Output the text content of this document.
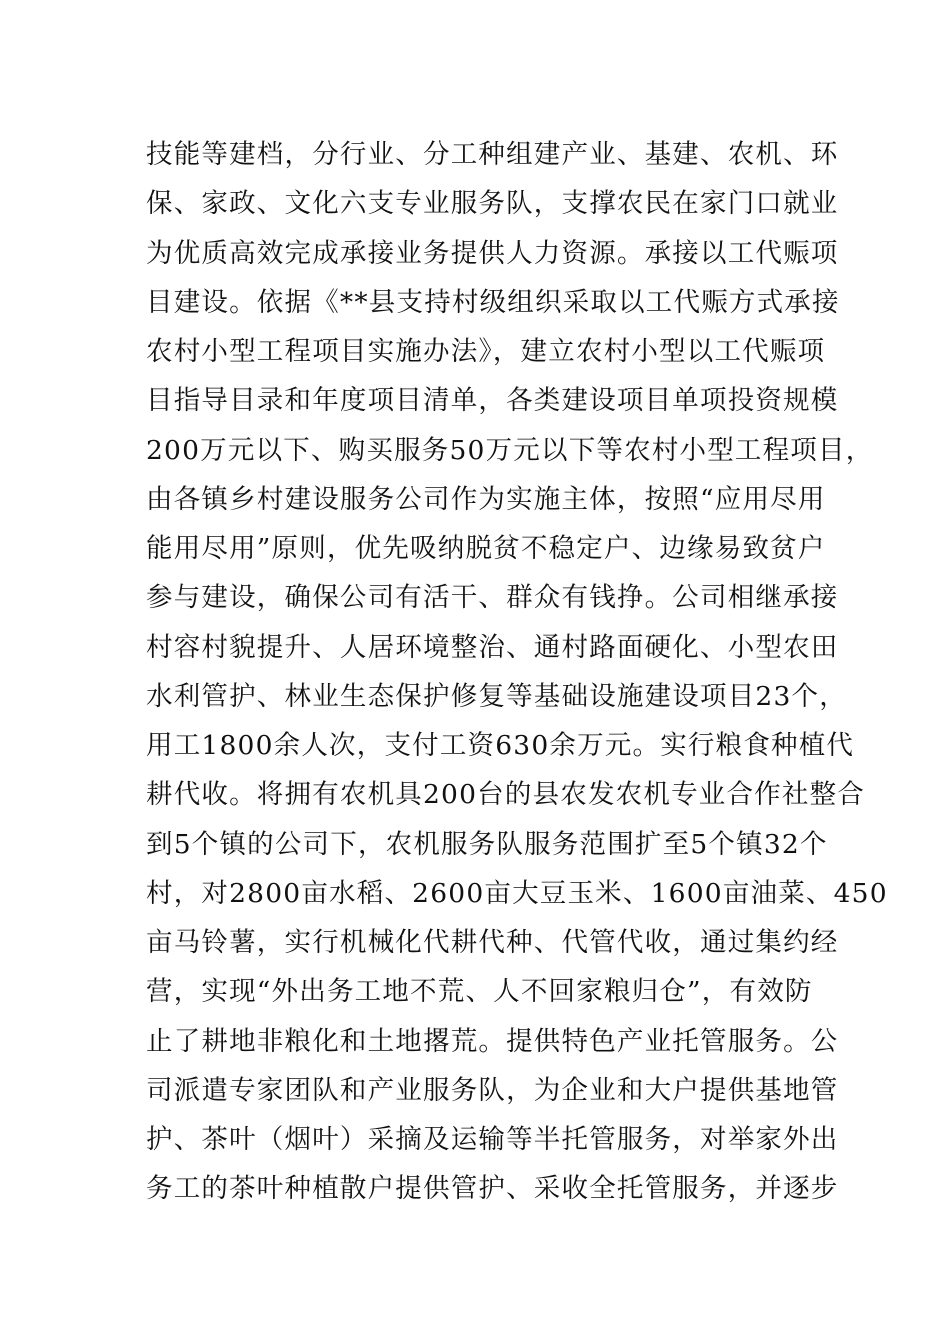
技能等建档，分行业、分工种组建产业、基建、农机、环
保、家政、文化六支专业服务队，支撑农民在家门口就业
为优质高效完成承接业务提供人力资源。承接以工代赈项
目建设。依据《**县支持村级组织采取以工代赈方式承接
农村小型工程项目实施办法》，建立农村小型以工代赈项
目指导目录和年度项目清单，各类建设项目单项投资规模
200万元以下、购买服务50万元以下等农村小型工程项目，
由各镇乡村建设服务公司作为实施主体，按照“应用尽用
能用尽用”原则，优先吸纳脱贫不稳定户、边缘易致贫户
参与建设，确保公司有活干、群众有钱挣。公司相继承接
村容村貌提升、人居环境整治、通村路面硬化、小型农田
水利管护、林业生态保护修复等基础设施建设项目23个，
用工1800余人次，支付工资630余万元。实行粮食种植代
耕代收。将拥有农机具200台的县农发农机专业合作社整合
到5个镇的公司下，农机服务队服务范围扩至5个镇32个
村，对2800亩水稻、2600亩大豆玉米、1600亩油菜、450
亩马铃薯，实行机械化代耕代种、代管代收，通过集约经
营，实现“外出务工地不荒、人不回家粮归仓”，有效防
止了耕地非粮化和土地撂荒。提供特色产业托管服务。公
司派遣专家团队和产业服务队，为企业和大户提供基地管
护、茶叶（烟叶）采摘及运输等半托管服务，对举家外出
务工的茶叶种植散户提供管护、采收全托管服务，并逐步
